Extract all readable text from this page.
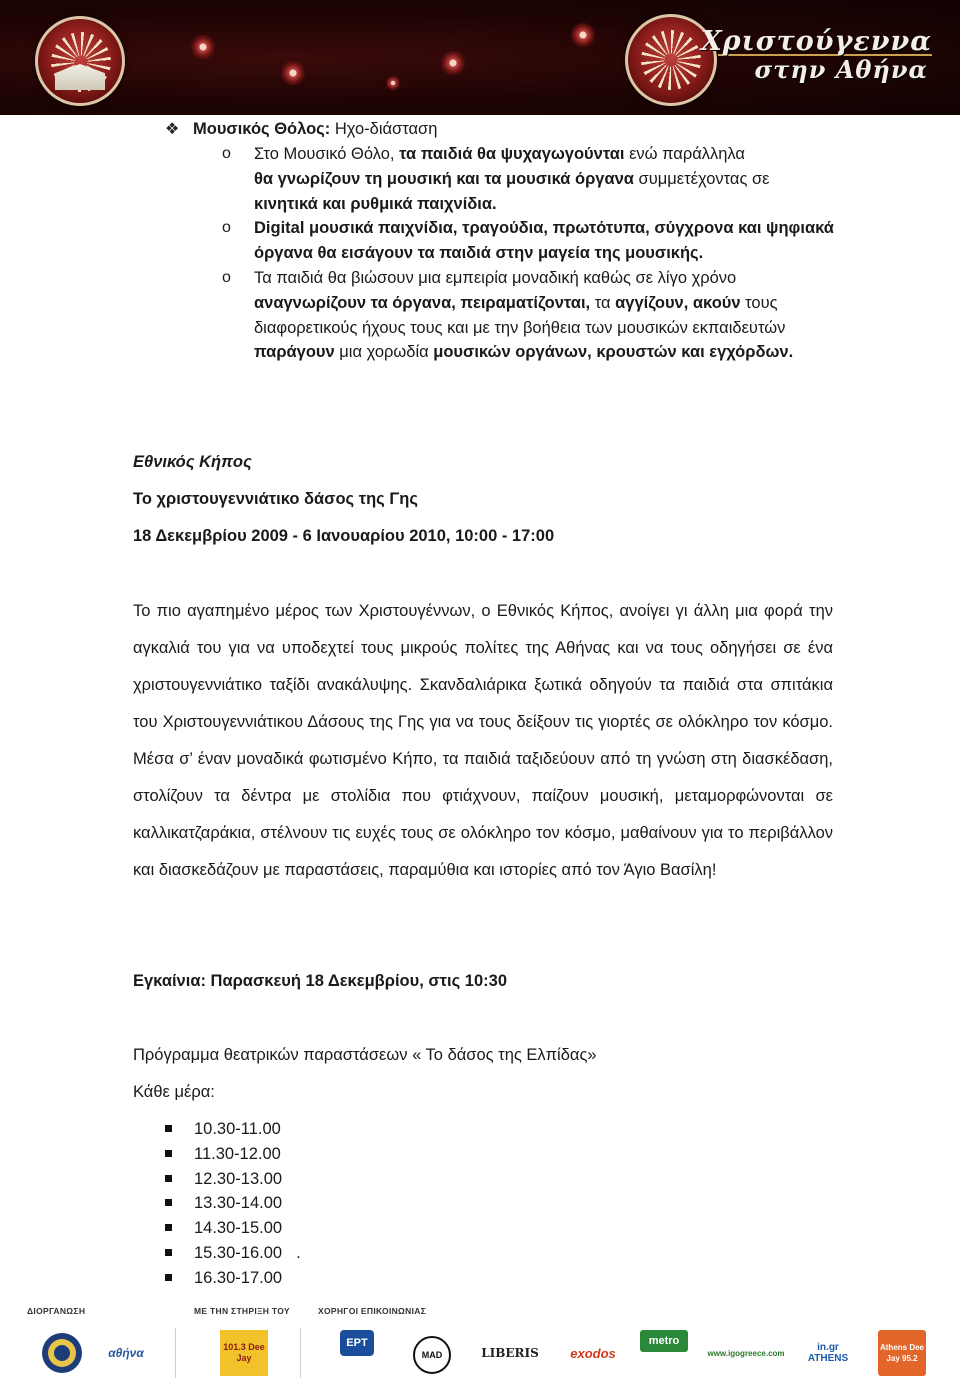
Χριστούγεννα
στην Αθήνα
❖ Μουσικός Θόλος: Ηχο-διάσταση
o Στο Μουσικό Θόλο, τα παιδιά θα ψυχαγωγούνται ενώ παράλληλα
θα γνωρίζουν τη μουσική και τα μουσικά όργανα συμμετέχοντας σε
κινητικά και ρυθμικά παιχνίδια.
o Digital μουσικά παιχνίδια, τραγούδια, πρωτότυπα, σύγχρονα και ψηφιακά όργανα θα εισάγουν τα παιδιά στην μαγεία της μουσικής.
o Τα παιδιά θα βιώσουν μια εμπειρία μοναδική καθώς σε λίγο χρόνο αναγνωρίζουν τα όργανα, πειραματίζονται, τα αγγίζουν, ακούν τους διαφορετικούς ήχους τους και με την βοήθεια των μουσικών εκπαιδευτών παράγουν μια χορωδία μουσικών οργάνων, κρουστών και εγχόρδων.
Εθνικός Κήπος
Το χριστουγεννιάτικο δάσος της Γης
18 Δεκεμβρίου 2009 - 6 Ιανουαρίου 2010, 10:00 - 17:00
Το πιο αγαπημένο μέρος των Χριστουγέννων, ο Εθνικός Κήπος, ανοίγει γι άλλη μια φορά την αγκαλιά του για να υποδεχτεί τους μικρούς πολίτες της Αθήνας και να τους οδηγήσει σε ένα χριστουγεννιάτικο ταξίδι ανακάλυψης. Σκανδαλιάρικα ξωτικά οδηγούν τα παιδιά στα σπιτάκια του Χριστουγεννιάτικου Δάσους της Γης για να τους δείξουν τις γιορτές σε ολόκληρο τον κόσμο. Μέσα σ’ έναν μοναδικά φωτισμένο Κήπο, τα παιδιά ταξιδεύουν από τη γνώση στη διασκέδαση, στολίζουν τα δέντρα με στολίδια που φτιάχνουν, παίζουν μουσική, μεταμορφώνονται σε καλλικατζαράκια, στέλνουν τις ευχές τους σε ολόκληρο τον κόσμο, μαθαίνουν για το περιβάλλον και διασκεδάζουν με παραστάσεις, παραμύθια και ιστορίες από τον Άγιο Βασίλη!
Εγκαίνια: Παρασκευή 18 Δεκεμβρίου, στις 10:30
Πρόγραμμα θεατρικών παραστάσεων « Το δάσος της Ελπίδας»
Κάθε μέρα:
10.30-11.00
11.30-12.00
12.30-13.00
13.30-14.00
14.30-15.00
15.30-16.00 .
16.30-17.00
ΔΙΟΡΓΑΝΩΣΗ	ΜΕ ΤΗΝ ΣΤΗΡΙΞΗ ΤΟΥ	ΧΟΡΗΓΟΙ ΕΠΙΚΟΙΝΩΝΙΑΣ
αθήνα	101.3 Dee Jay
ΕΡΤ
MAD	LIBERIS	exodos
metro
www.igogreece.com	in.gr ATHENS
Athens Dee Jay 95.2
